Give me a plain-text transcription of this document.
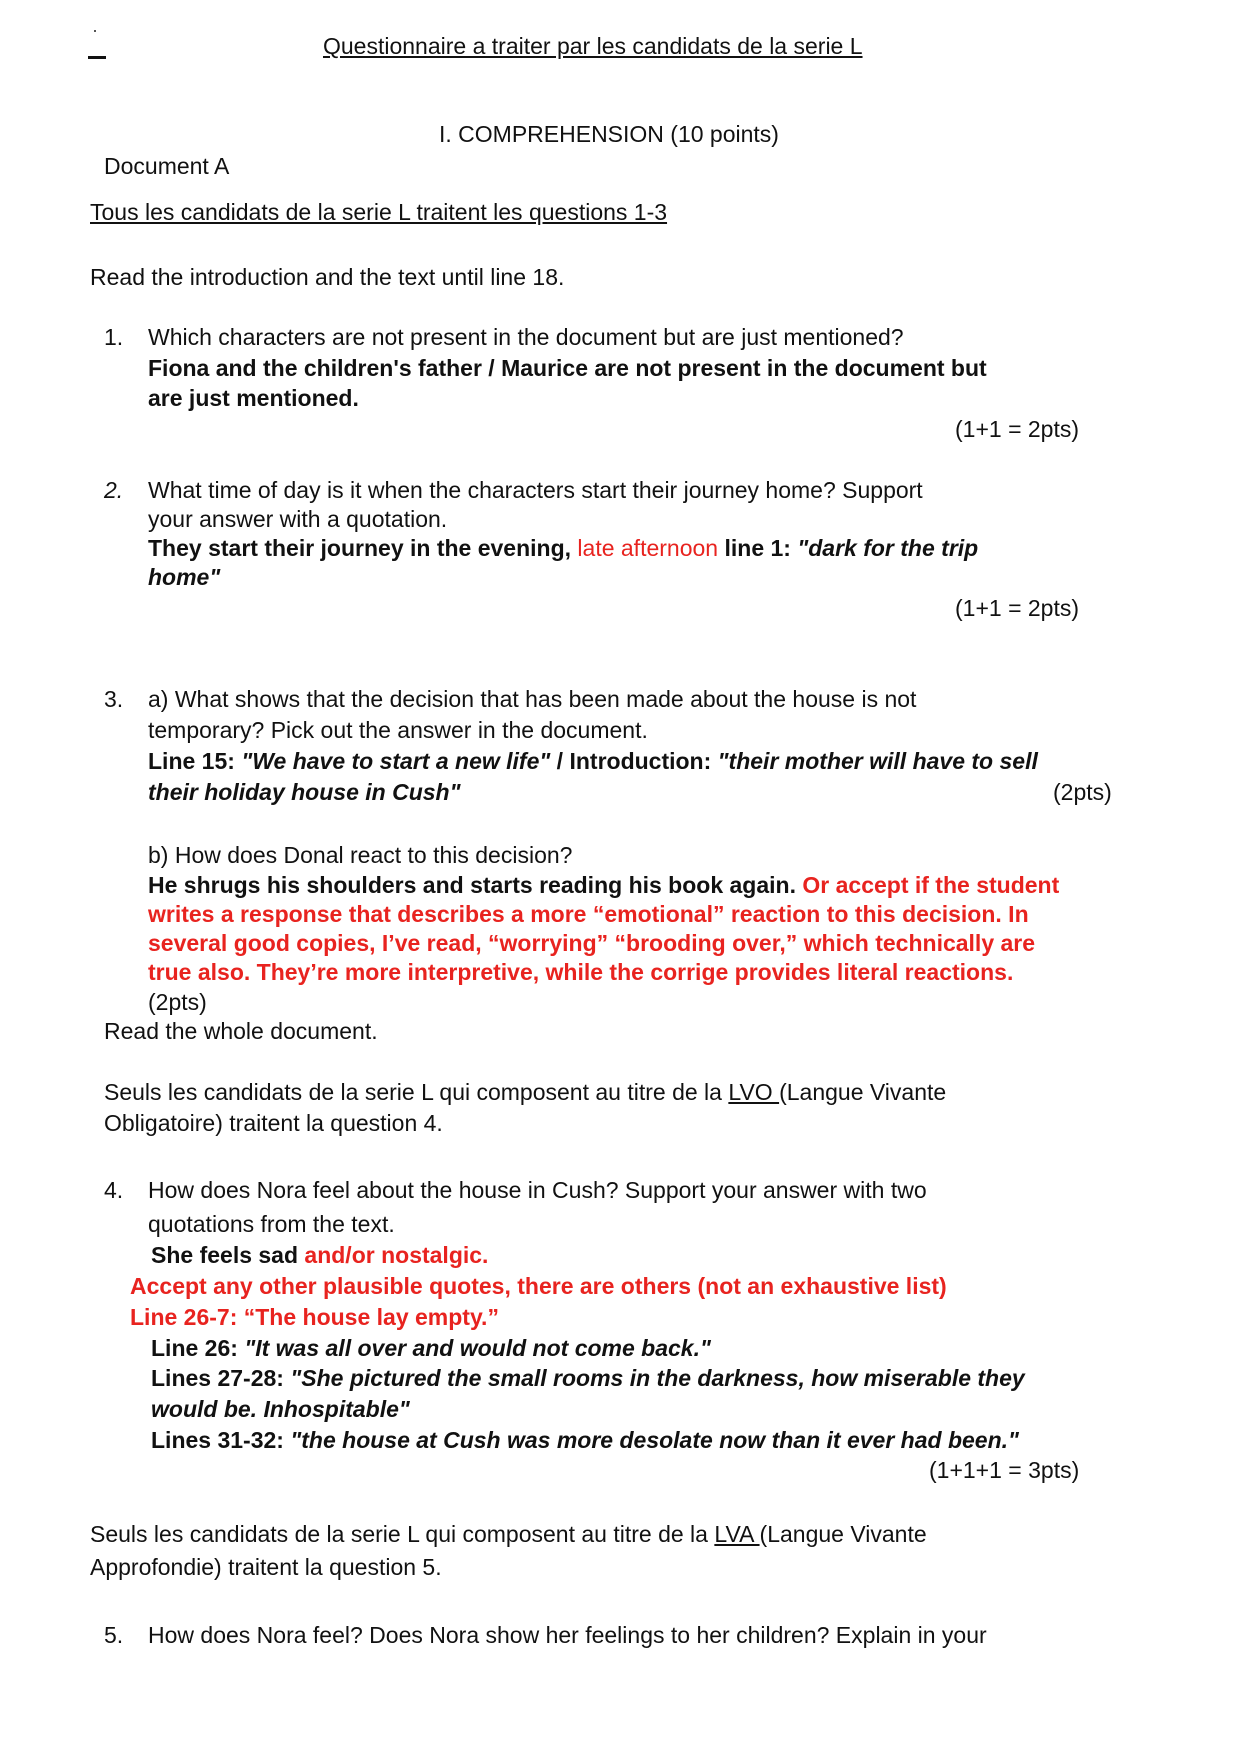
Questionnaire a traiter par les candidats de la serie L
I. COMPREHENSION (10 points)
Document A
Tous les candidats de la serie L traitent les questions 1-3
Read the introduction and the text until line 18.
1. Which characters are not present in the document but are just mentioned?
Fiona and the children's father / Maurice are not present in the document but
are just mentioned.
(1+1 = 2pts)
2. What time of day is it when the characters start their journey home? Support
your answer with a quotation.
They start their journey in the evening, late afternoon line 1: "dark for the trip
home"
(1+1 = 2pts)
3. a) What shows that the decision that has been made about the house is not
temporary? Pick out the answer in the document.
Line 15: "We have to start a new life" / Introduction: "their mother will have to sell
their holiday house in Cush"	(2pts)
b) How does Donal react to this decision?
He shrugs his shoulders and starts reading his book again. Or accept if the student
writes a response that describes a more “emotional” reaction to this decision. In
several good copies, I’ve read, “worrying” “brooding over,” which technically are
true also. They’re more interpretive, while the corrige provides literal reactions.
(2pts)
Read the whole document.
Seuls les candidats de la serie L qui composent au titre de la LVO (Langue Vivante
Obligatoire) traitent la question 4.
4. How does Nora feel about the house in Cush? Support your answer with two
quotations from the text.
She feels sad and/or nostalgic.
Accept any other plausible quotes, there are others (not an exhaustive list)
Line 26-7: “The house lay empty.”
Line 26: "It was all over and would not come back."
Lines 27-28: "She pictured the small rooms in the darkness, how miserable they
would be. Inhospitable"
Lines 31-32: "the house at Cush was more desolate now than it ever had been."
(1+1+1 = 3pts)
Seuls les candidats de la serie L qui composent au titre de la LVA (Langue Vivante
Approfondie) traitent la question 5.
5. How does Nora feel? Does Nora show her feelings to her children? Explain in your
